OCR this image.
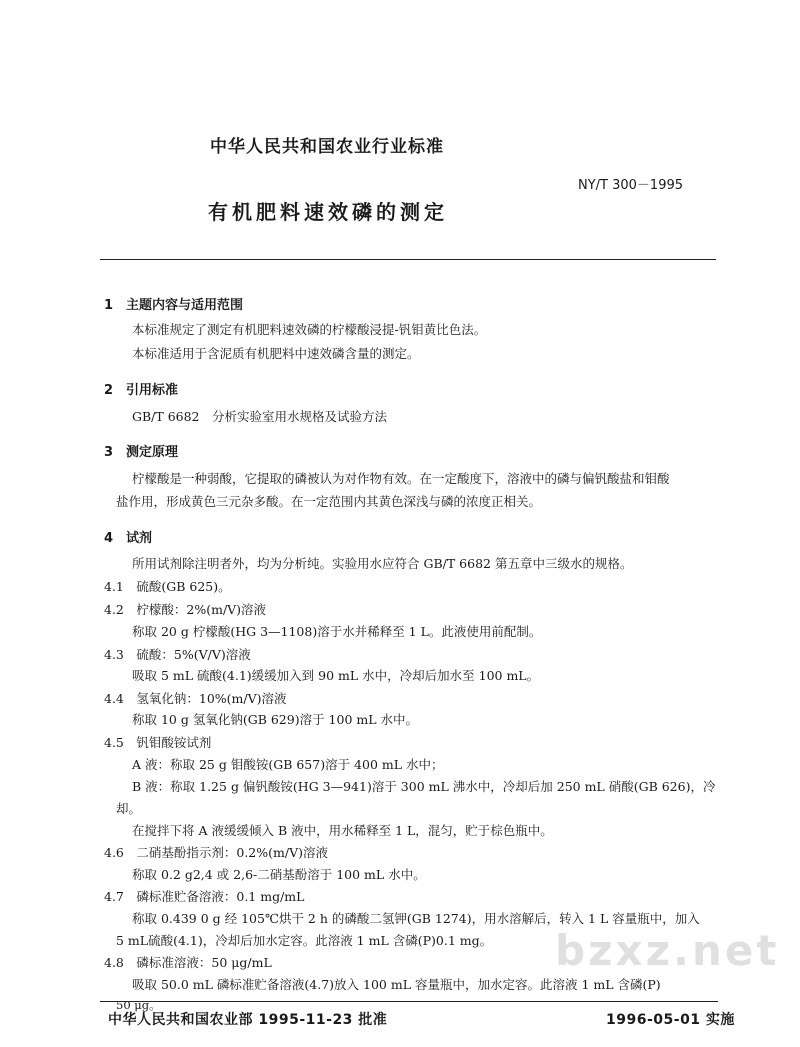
bzxz.net
中华人民共和国农业行业标准
NY/T 300－1995
有机肥料速效磷的测定
1　主题内容与适用范围
本标准规定了测定有机肥料速效磷的柠檬酸浸提-钒钼黄比色法。
本标准适用于含泥质有机肥料中速效磷含量的测定。
2　引用标准
GB/T 6682　分析实验室用水规格及试验方法
3　测定原理
柠檬酸是一种弱酸，它提取的磷被认为对作物有效。在一定酸度下，溶液中的磷与偏钒酸盐和钼酸
盐作用，形成黄色三元杂多酸。在一定范围内其黄色深浅与磷的浓度正相关。
4　试剂
所用试剂除注明者外，均为分析纯。实验用水应符合 GB/T 6682 第五章中三级水的规格。
4.1　硫酸(GB 625)。
4.2　柠檬酸：2%(m/V)溶液
称取 20 g 柠檬酸(HG 3—1108)溶于水并稀释至 1 L。此液使用前配制。
4.3　硫酸：5%(V/V)溶液
吸取 5 mL 硫酸(4.1)缓缓加入到 90 mL 水中，冷却后加水至 100 mL。
4.4　氢氧化钠：10%(m/V)溶液
称取 10 g 氢氧化钠(GB 629)溶于 100 mL 水中。
4.5　钒钼酸铵试剂
A 液：称取 25 g 钼酸铵(GB 657)溶于 400 mL 水中；
B 液：称取 1.25 g 偏钒酸铵(HG 3—941)溶于 300 mL 沸水中，冷却后加 250 mL 硝酸(GB 626)，冷
却。
在搅拌下将 A 液缓缓倾入 B 液中，用水稀释至 1 L，混匀，贮于棕色瓶中。
4.6　二硝基酚指示剂：0.2%(m/V)溶液
称取 0.2 g2,4 或 2,6-二硝基酚溶于 100 mL 水中。
4.7　磷标准贮备溶液：0.1 mg/mL
称取 0.439 0 g 经 105℃烘干 2 h 的磷酸二氢钾(GB 1274)，用水溶解后，转入 1 L 容量瓶中，加入
5 mL硫酸(4.1)，冷却后加水定容。此溶液 1 mL 含磷(P)0.1 mg。
4.8　磷标准溶液：50 μg/mL
吸取 50.0 mL 磷标准贮备溶液(4.7)放入 100 mL 容量瓶中，加水定容。此溶液 1 mL 含磷(P)
50 μg。
中华人民共和国农业部 1995-11-23 批准	1996-05-01 实施
